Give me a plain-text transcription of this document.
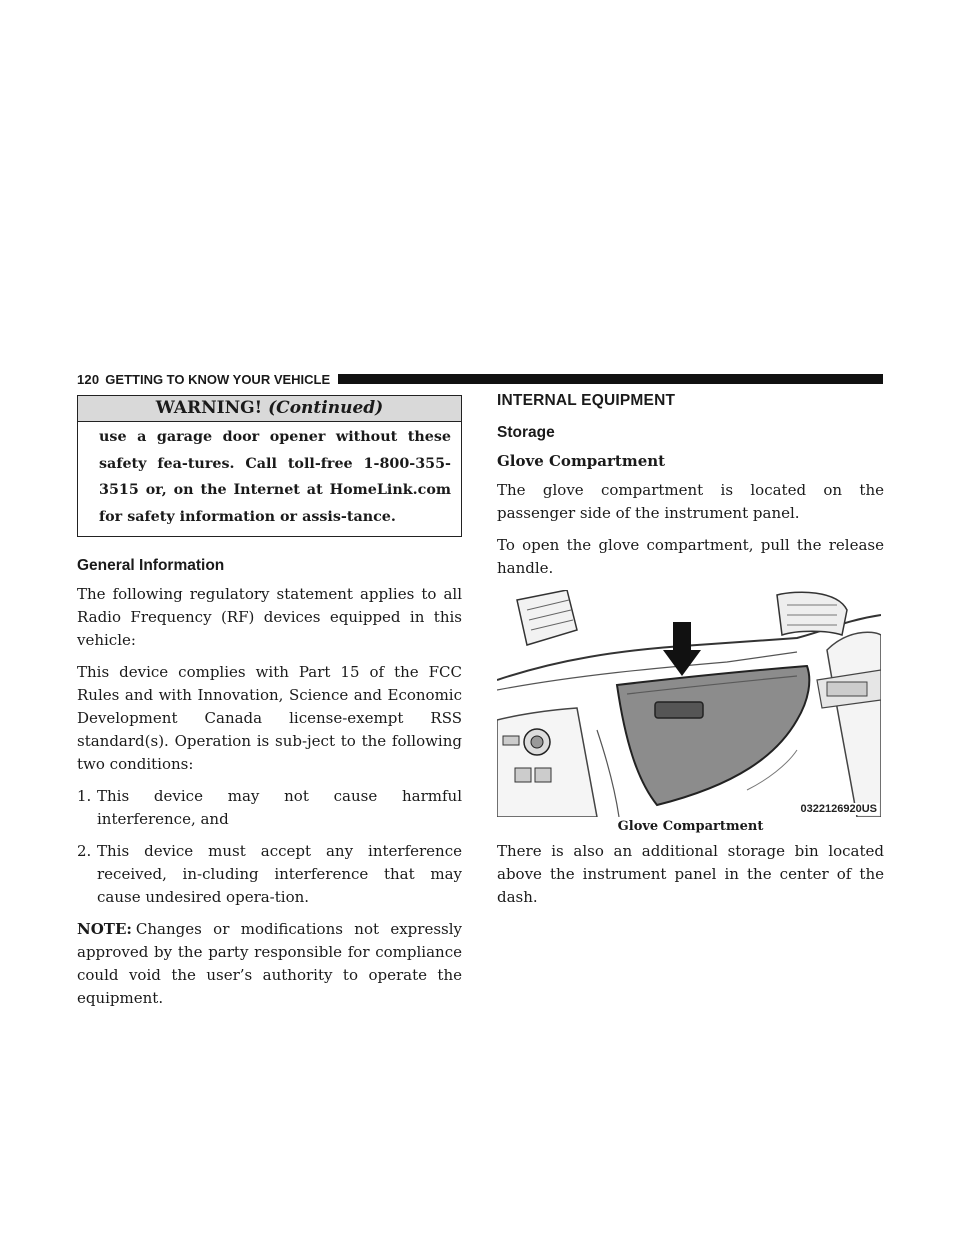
120 GETTING TO KNOW YOUR VEHICLE
WARNING! (Continued)
use a garage door opener without these safety fea-tures. Call toll-free 1-800-355-3515 or, on the Internet at HomeLink.com for safety information or assis-tance.
General Information

The following regulatory statement applies to all Radio Frequency (RF) devices equipped in this vehicle:

This device complies with Part 15 of the FCC Rules and with Innovation, Science and Economic Development Canada license-exempt RSS standard(s). Operation is sub-ject to the following two conditions:

1. This device may not cause harmful interference, and
2. This device must accept any interference received, in-cluding interference that may cause undesired opera-tion.

NOTE: Changes or modifications not expressly approved by the party responsible for compliance could void the user’s authority to operate the equipment.

INTERNAL EQUIPMENT
Storage
Glove Compartment

The glove compartment is located on the passenger side of the instrument panel.

To open the glove compartment, pull the release handle.

0322126920US
Glove Compartment

There is also an additional storage bin located above the instrument panel in the center of the dash.
